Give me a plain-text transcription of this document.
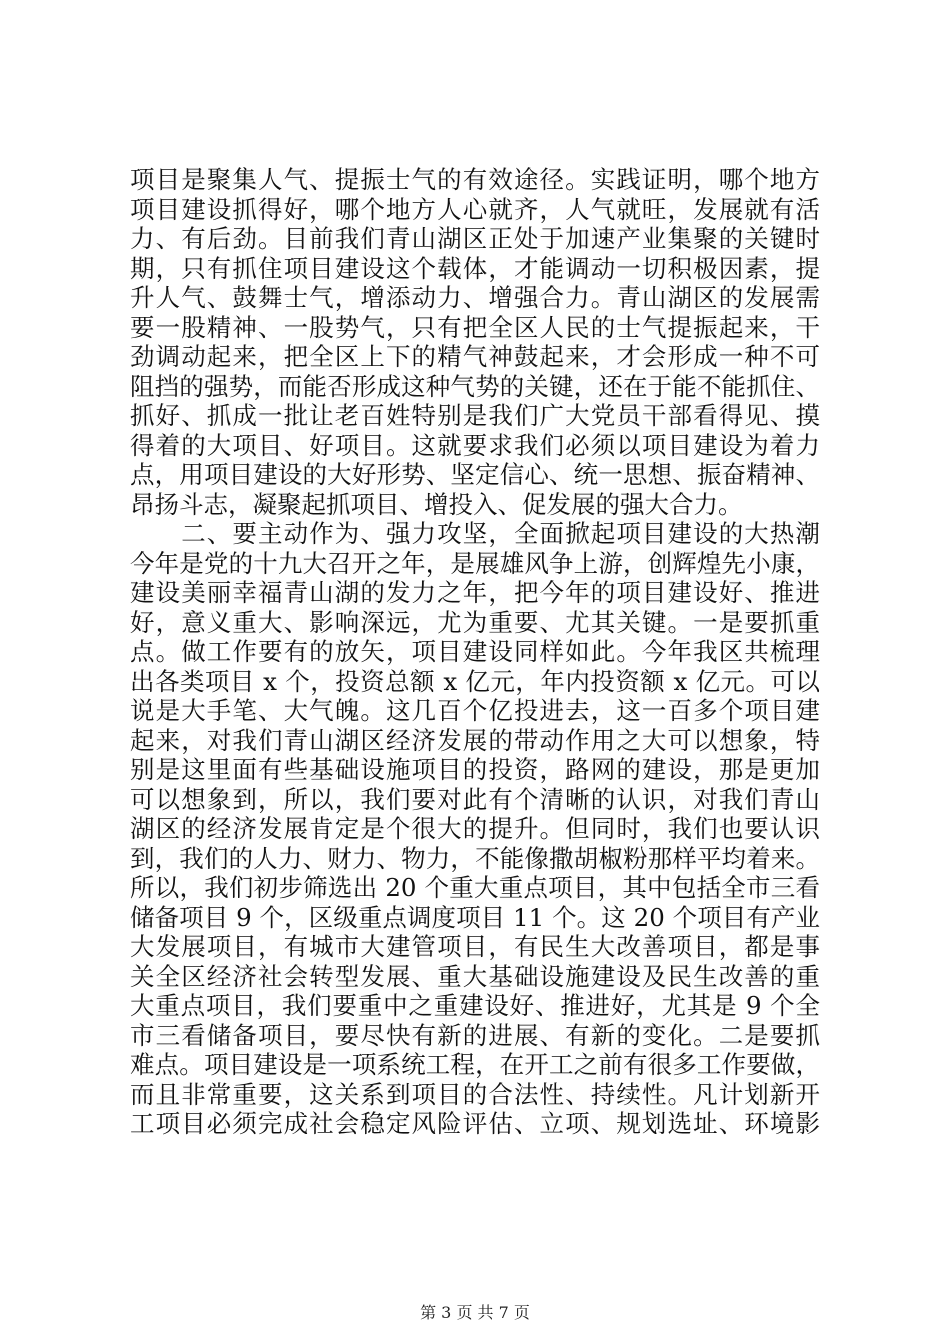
项目是聚集人气、提振士气的有效途径。实践证明，哪个地方
项目建设抓得好，哪个地方人心就齐，人气就旺，发展就有活
力、有后劲。目前我们青山湖区正处于加速产业集聚的关键时
期，只有抓住项目建设这个载体，才能调动一切积极因素，提
升人气、鼓舞士气，增添动力、增强合力。青山湖区的发展需
要一股精神、一股势气，只有把全区人民的士气提振起来，干
劲调动起来，把全区上下的精气神鼓起来，才会形成一种不可
阻挡的强势，而能否形成这种气势的关键，还在于能不能抓住、
抓好、抓成一批让老百姓特别是我们广大党员干部看得见、摸
得着的大项目、好项目。这就要求我们必须以项目建设为着力
点，用项目建设的大好形势、坚定信心、统一思想、振奋精神、
昂扬斗志，凝聚起抓项目、增投入、促发展的强大合力。
　　二、要主动作为、强力攻坚，全面掀起项目建设的大热潮
今年是党的十九大召开之年，是展雄风争上游，创辉煌先小康，
建设美丽幸福青山湖的发力之年，把今年的项目建设好、推进
好，意义重大、影响深远，尤为重要、尤其关键。一是要抓重
点。做工作要有的放矢，项目建设同样如此。今年我区共梳理
出各类项目 x 个，投资总额 x 亿元，年内投资额 x 亿元。可以
说是大手笔、大气魄。这几百个亿投进去，这一百多个项目建
起来，对我们青山湖区经济发展的带动作用之大可以想象，特
别是这里面有些基础设施项目的投资，路网的建设，那是更加
可以想象到，所以，我们要对此有个清晰的认识，对我们青山
湖区的经济发展肯定是个很大的提升。但同时，我们也要认识
到，我们的人力、财力、物力，不能像撒胡椒粉那样平均着来。
所以，我们初步筛选出 20 个重大重点项目，其中包括全市三看
储备项目 9 个，区级重点调度项目 11 个。这 20 个项目有产业
大发展项目，有城市大建管项目，有民生大改善项目，都是事
关全区经济社会转型发展、重大基础设施建设及民生改善的重
大重点项目，我们要重中之重建设好、推进好，尤其是 9 个全
市三看储备项目，要尽快有新的进展、有新的变化。二是要抓
难点。项目建设是一项系统工程，在开工之前有很多工作要做，
而且非常重要，这关系到项目的合法性、持续性。凡计划新开
工项目必须完成社会稳定风险评估、立项、规划选址、环境影
第 3 页 共 7 页
